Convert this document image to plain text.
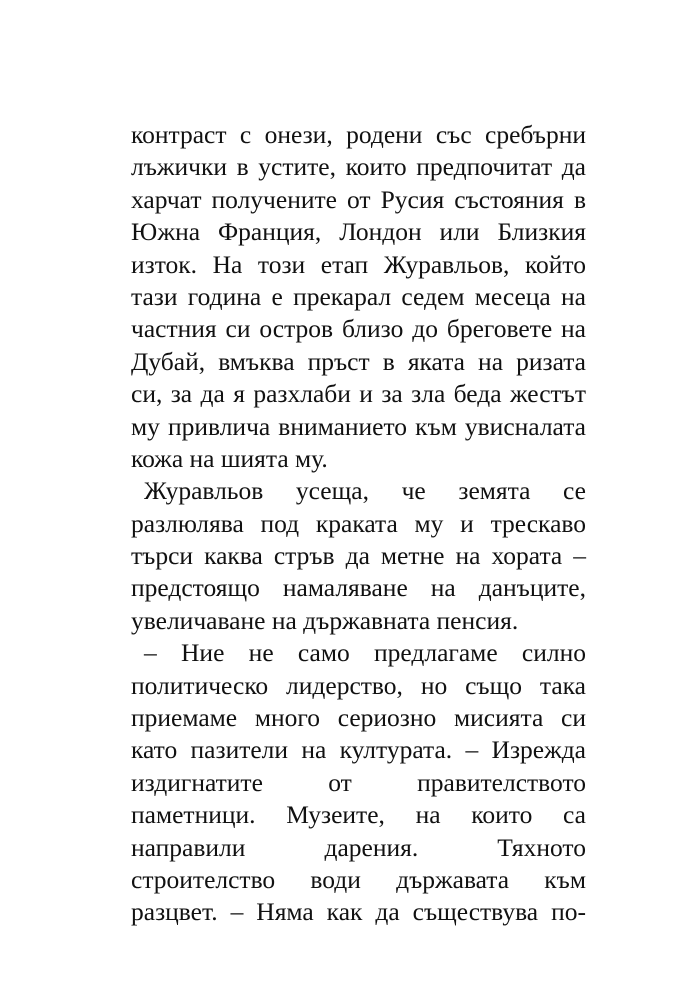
контраст с онези, родени със сребърни
лъжички в устите, които предпочитат да
харчат получените от Русия състояния в
Южна Франция, Лондон или Близкия
изток. На този етап Журавльов, който
тази година е прекарал седем месеца на
частния си остров близо до бреговете на
Дубай, вмъква пръст в яката на ризата
си, за да я разхлаби и за зла беда жестът
му привлича вниманието към увисналата
кожа на шията му.
Журавльов усеща, че земята се
разлюлява под краката му и трескаво
търси каква стръв да метне на хората –
предстоящо намаляване на данъците,
увеличаване на държавната пенсия.
– Ние не само предлагаме силно
политическо лидерство, но също така
приемаме много сериозно мисията си
като пазители на културата. – Изрежда
издигнатите от правителството
паметници. Музеите, на които са
направили дарения. Тяхното
строителство води държавата към
разцвет. – Няма как да съществува по-
